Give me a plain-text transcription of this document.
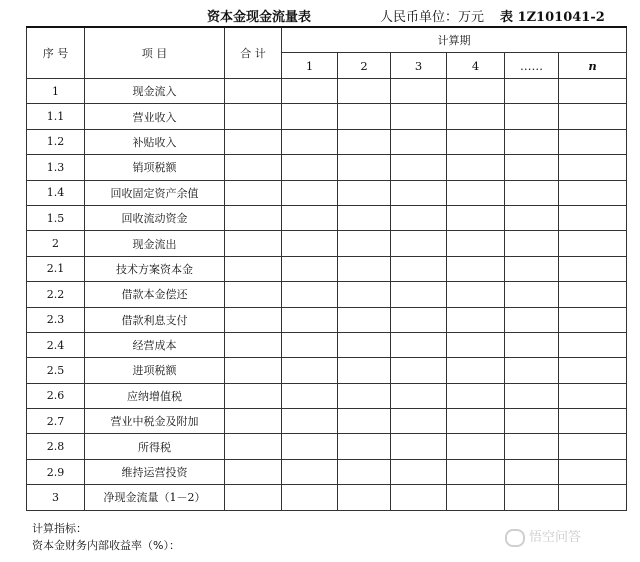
资本金现金流量表	人民币单位：万元 表 1Z101041-2
序 号	项 目	合 计	计算期					
			1	2	3	4	……	n
1	现金流入							
1.1	营业收入							
1.2	补贴收入							
1.3	销项税额							
1.4	回收固定资产余值							
1.5	回收流动资金							
2	现金流出							
2.1	技术方案资本金							
2.2	借款本金偿还							
2.3	借款利息支付							
2.4	经营成本							
2.5	进项税额							
2.6	应纳增值税							
2.7	营业中税金及附加							
2.8	所得税							
2.9	维持运营投资							
3	净现金流量（1－2）							
计算指标：
资本金财务内部收益率（%）：
悟空问答
